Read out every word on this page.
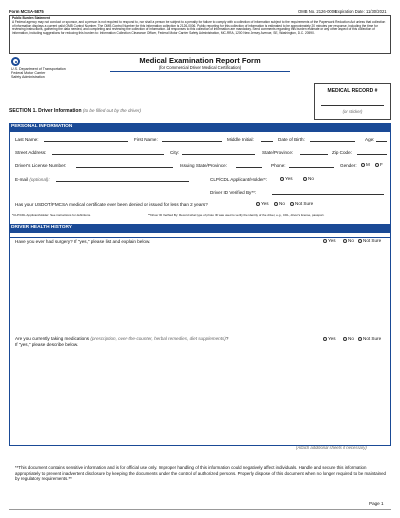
Form MCSA-5875	OMB No. 2126-0006
Expiration Date: 11/30/2021
Public Burden Statement
A Federal agency may not conduct or sponsor, and a person is not required to respond to, nor shall a person be subject to a penalty for failure to comply with a collection of information subject to the requirements of the Paperwork Reduction Act unless that collection of information displays a current valid OMB Control Number. The OMB Control Number for this information collection is 2126-0006. Public reporting for this collection of information is estimated to be approximately 20 minutes per response, including the time for reviewing instructions, gathering the data needed, and completing and reviewing the collection of information. All responses to this collection of information are mandatory. Send comments regarding this burden estimate or any other aspect of this collection of information, including suggestions for reducing this burden to: Information Collection Clearance Officer, Federal Motor Carrier Safety Administration, MC-RRA, 1200 New Jersey Avenue, SE, Washington, D.C. 20590.
U.S. Department of Transportation
Federal Motor Carrier
Safety Administration
Medical Examination Report Form
(for Commercial Driver Medical Certification)
MEDICAL RECORD #
(or sticker)
SECTION 1. Driver Information (to be filled out by the driver)
PERSONAL INFORMATION
Last Name:	First Name:	Middle Initial:	Date of Birth:	Age:
Street Address:	City:	State/Province:	Zip Code:
Driver's License Number:	Issuing State/Province:	Phone:	Gender: M F
E-mail (optional):	CLP/CDL Applicant/Holder*:	Yes	No
Driver ID Verified By**:
Has your USDOT/FMCSA medical certificate ever been denied or issued for less than 2 years?	Yes No Not Sure
*CLP/CDL Applicant/Holder: See instructions for definitions.	**Driver ID Verified By: Record what type of photo ID was used to verify the identity of the driver, e.g., CDL, driver's license, passport.
DRIVER HEALTH HISTORY
Have you ever had surgery? If "yes," please list and explain below.	Yes	No Not Sure
Are you currently taking medications (prescription, over-the-counter, herbal remedies, diet supplements)?
If "yes," please describe below.
Yes	No Not Sure
(Attach additional sheets if necessary)
**This document contains sensitive information and is for official use only. Improper handling of this information could negatively affect individuals. Handle and secure this information appropriately to prevent inadvertent disclosure by keeping the documents under the control of authorized persons. Properly dispose of this document when no longer required to be maintained by regulatory requirements.**
Page 1
